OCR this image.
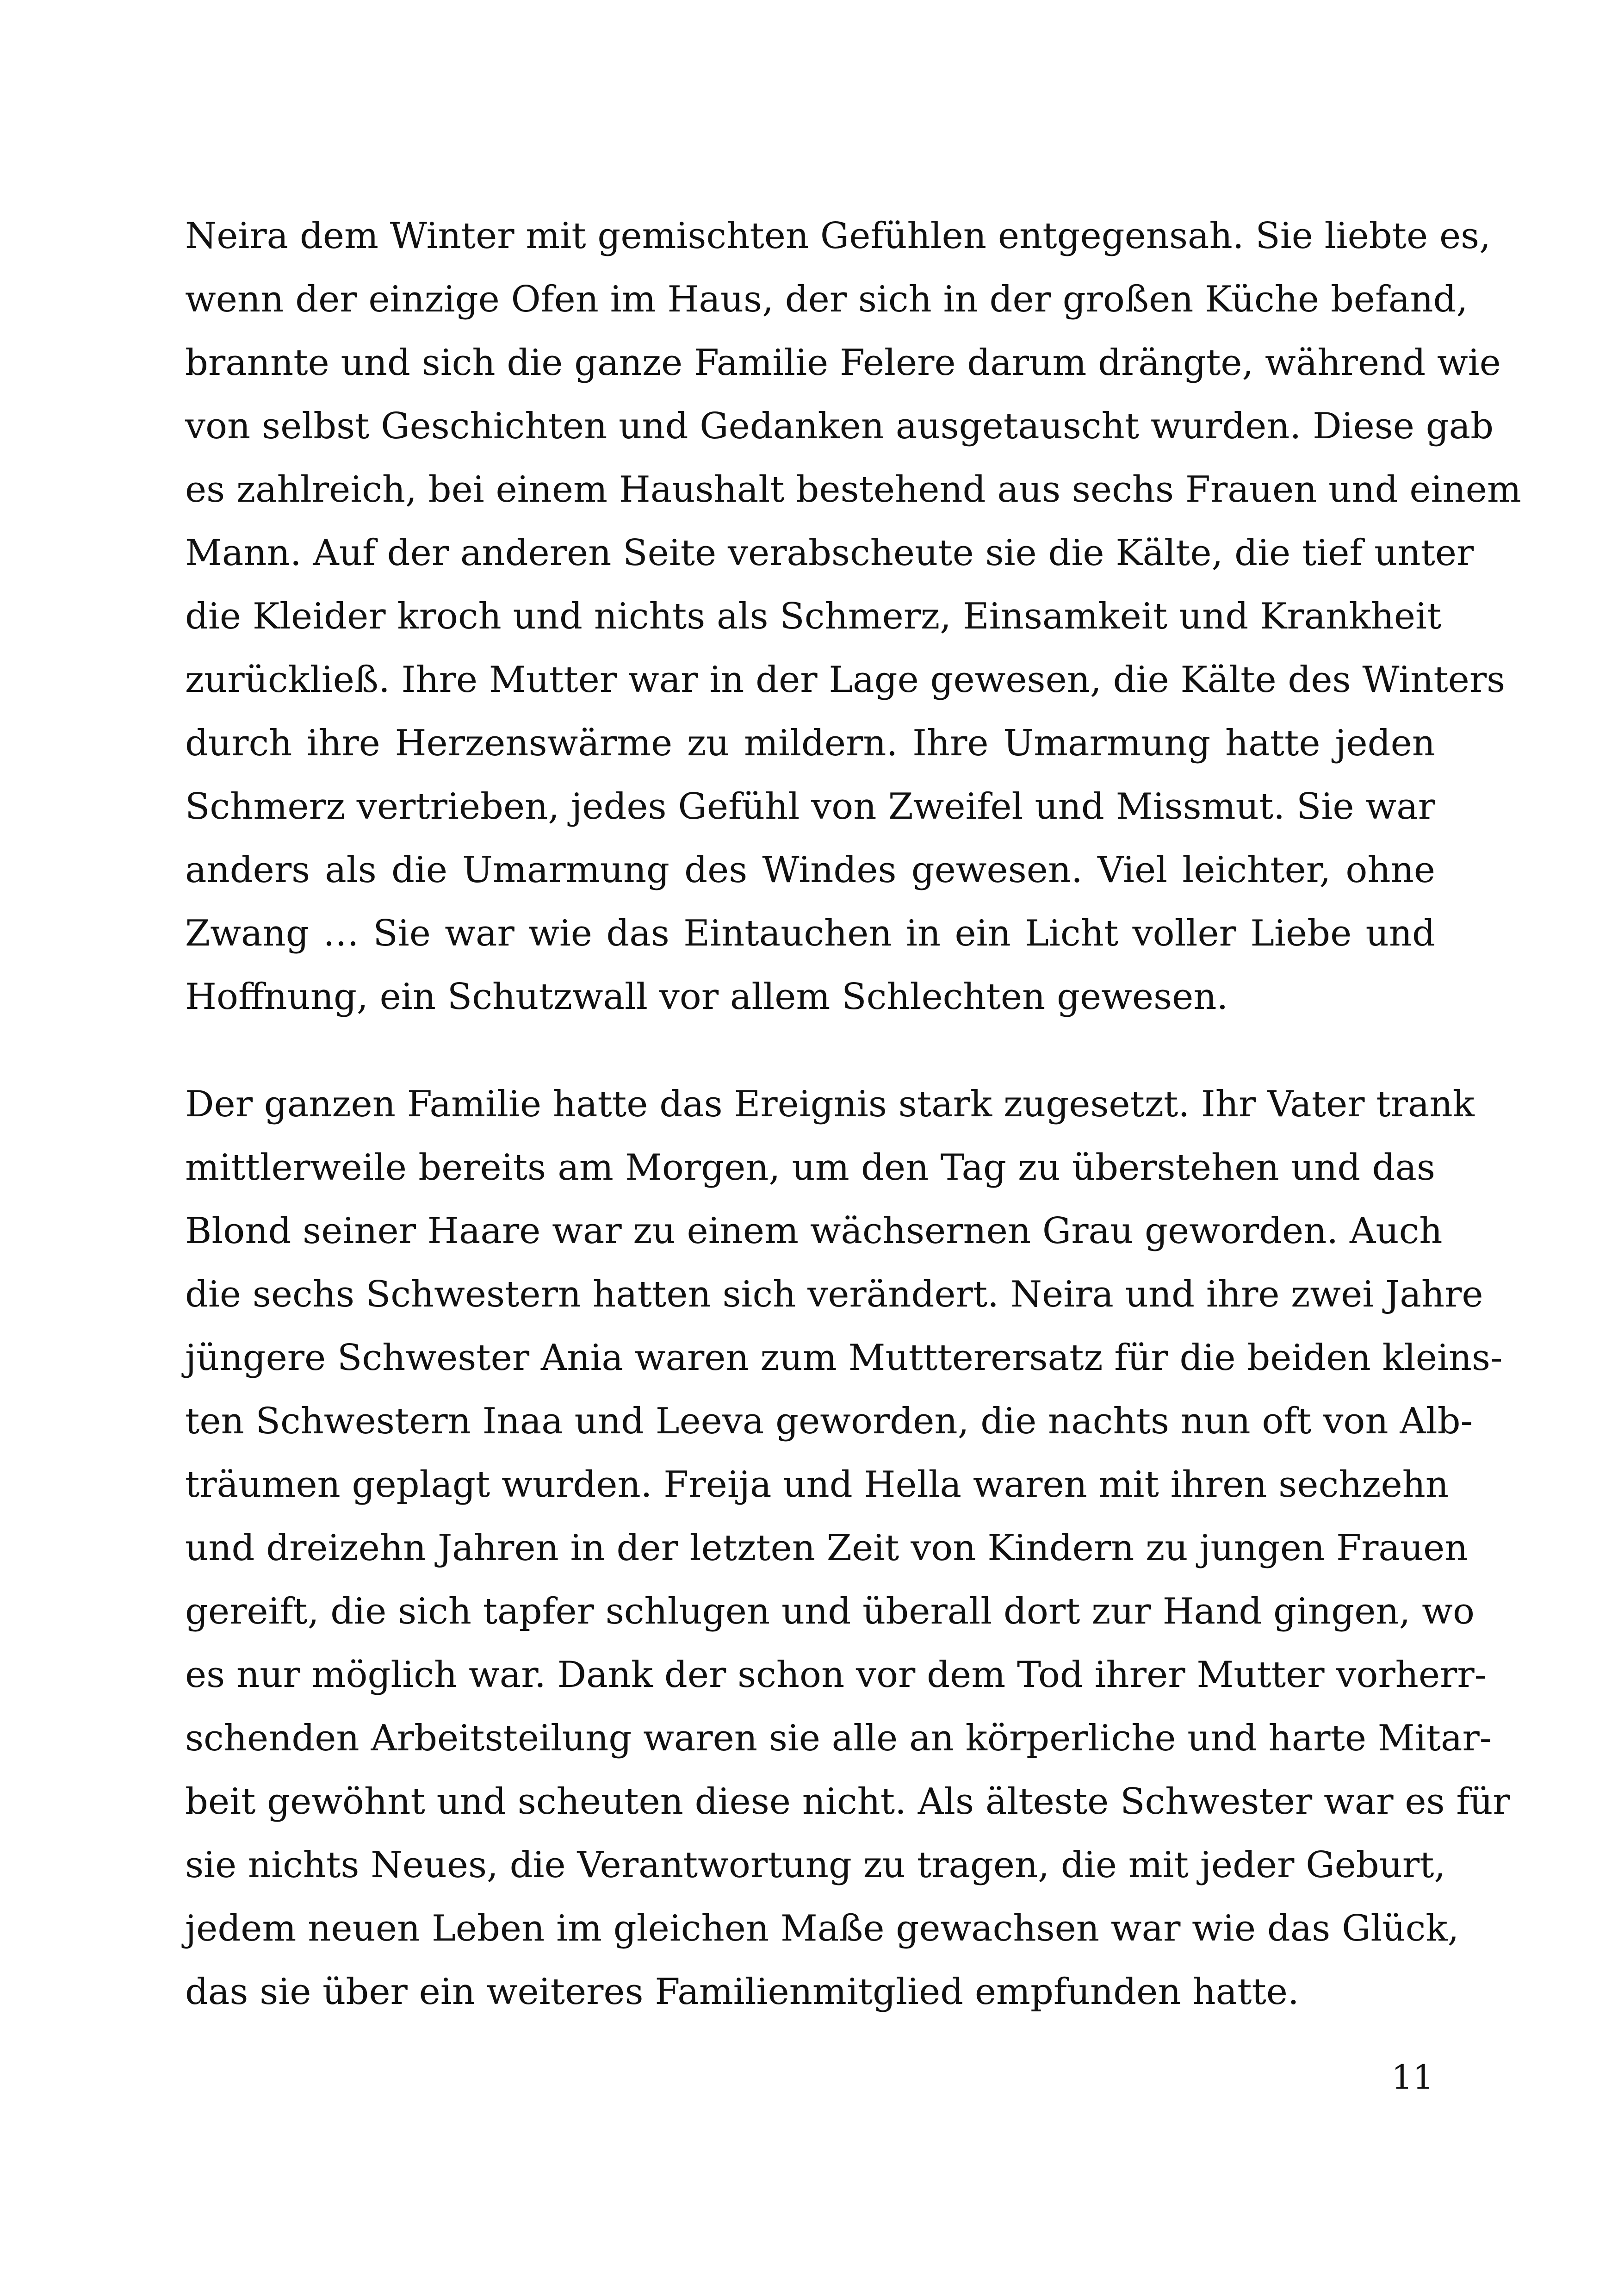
Neira dem Winter mit gemischten Gefühlen entgegensah. Sie liebte es,
wenn der einzige Ofen im Haus, der sich in der großen Küche befand,
brannte und sich die ganze Familie Felere darum drängte, während wie
von selbst Geschichten und Gedanken ausgetauscht wurden. Diese gab
es zahlreich, bei einem Haushalt bestehend aus sechs Frauen und einem
Mann. Auf der anderen Seite verabscheute sie die Kälte, die tief unter
die Kleider kroch und nichts als Schmerz, Einsamkeit und Krankheit
zurückließ. Ihre Mutter war in der Lage gewesen, die Kälte des Winters
durch ihre Herzenswärme zu mildern. Ihre Umarmung hatte jeden
Schmerz vertrieben, jedes Gefühl von Zweifel und Missmut. Sie war
anders als die Umarmung des Windes gewesen. Viel leichter, ohne
Zwang … Sie war wie das Eintauchen in ein Licht voller Liebe und
Hoffnung, ein Schutzwall vor allem Schlechten gewesen.
Der ganzen Familie hatte das Ereignis stark zugesetzt. Ihr Vater trank
mittlerweile bereits am Morgen, um den Tag zu überstehen und das
Blond seiner Haare war zu einem wächsernen Grau geworden. Auch
die sechs Schwestern hatten sich verändert. Neira und ihre zwei Jahre
jüngere Schwester Ania waren zum Muttterersatz für die beiden kleins-
ten Schwestern Inaa und Leeva geworden, die nachts nun oft von Alb-
träumen geplagt wurden. Freija und Hella waren mit ihren sechzehn
und dreizehn Jahren in der letzten Zeit von Kindern zu jungen Frauen
gereift, die sich tapfer schlugen und überall dort zur Hand gingen, wo
es nur möglich war. Dank der schon vor dem Tod ihrer Mutter vorherr-
schenden Arbeitsteilung waren sie alle an körperliche und harte Mitar-
beit gewöhnt und scheuten diese nicht. Als älteste Schwester war es für
sie nichts Neues, die Verantwortung zu tragen, die mit jeder Geburt,
jedem neuen Leben im gleichen Maße gewachsen war wie das Glück,
das sie über ein weiteres Familienmitglied empfunden hatte.
11
